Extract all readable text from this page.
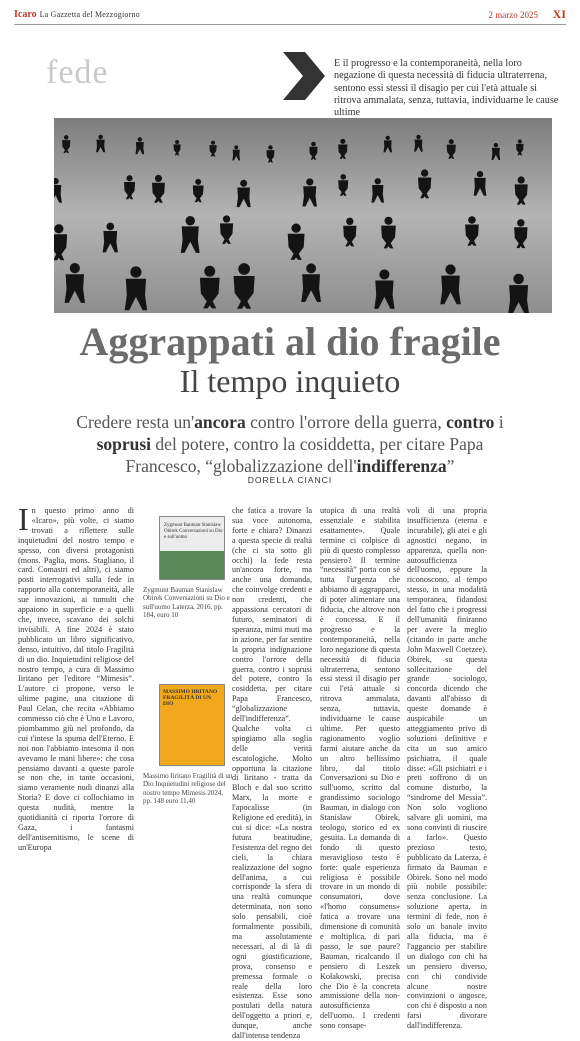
Icaro La Gazzetta del Mezzogiorno	2 marzo 2025 XI
fede	E il progresso e la contemporaneità, nella loro negazione di questa necessità di fiducia ultraterrena, sentono essi stessi il disagio per cui l'età attuale si ritrova ammalata, senza, tuttavia, individuarne le cause ultime
Aggrappati al dio fragile
Il tempo inquieto
Credere resta un'ancora contro l'orrore della guerra, contro i soprusi del potere, contro la cosiddetta, per citare Papa Francesco, “globalizzazione dell'indifferenza”
DORELLA CIANCI
I n questo primo anno di «Icaro», più volte, ci siamo trovati a riflettere sulle inquietudini del nostro tempo e spesso, con diversi protagonisti (mons. Paglia, mons. Stagliano, il card. Comastri ed altri), ci siamo posti interrogativi sulla fede in rapporto alla contemporaneità, alle sue innovazioni, ai tumulti che appaiono in superficie e a quelli che, invece, scavano dei solchi invisibili. A fine 2024 è stato pubblicato un libro significativo, denso, intuitivo, dal titolo Fragilità di un dio. Inquietudini religiose del nostro tempo, a cura di Massimo Iiritano per l'editore “Mimesis”. L'autore ci propone, verso le ultime pagine, una citazione di Paul Celan, che recita «Abbiamo commesso ciò che è Uno e Lavoro, piombammo giù nel profondo, da cui t'intese la spuma dell'Eterno. E noi non l'abbiamo intesoma il non avevamo le mani libere»: che cosa pensiamo davanti a queste parole se non che, in tante occasioni, siamo veramente nudi dinanzi alla Storia? E dove ci collochiamo in questa nudità, mentre la quotidianità ci riporta l'orrore di Gaza, i fantasmi dell'antisemitismo, le scene di un'Europa

Zygmunt Bauman Stanislaw Obirek Conversazioni su Dio e sull'uomo
Zygmunt Bauman Stanislaw Obirek Conversazioni su Dio e sull'uomo Laterza, 2016, pp. 184, euro 10
MASSIMO IIRITANO FRAGILITÀ DI UN DIO
Massimo Iiritano Fragilità di un Dio Inquietudini religiose del nostro tempo Mimesis 2024, pp. 148 euro 11,40

che fatica a trovare la sua voce autonoma, forte e chiara? Dinanzi a questa specie di realtà (che ci sta sotto gli occhi) la fede resta un'ancora forte, ma anche una domanda, che coinvolge credenti e non credenti, che appassiona cercatori di futuro, seminatori di speranza, mimi muti ma in azione, per far sentire la propria indignazione contro l'orrore della guerra, contro i soprusi del potere, contro la cosiddetta, per citare Papa Francesco, “globalizzazione dell'indifferenza”. Qualche volta ci spingiamo alla soglia delle verità escatologiche. Molto opportuna la citazione di Iiritano - tratta da Bloch e dal suo scritto Marx, la morte e l'apocalisse (in Religione ed eredità), in cui si dice: «La nostra futura beatitudine, l'esistenza del regno dei cieli, la chiara realizzazione del sogno dell'anima, a cui corrisponde la sfera di una realtà comunque determinata, non sono solo pensabili, cioè formalmente possibili, ma assolutamente necessari, al di là di ogni giustificazione, prova, consenso e premessa formale o reale della loro esistenza. Esse sono postulati della natura dell'oggetto a priori e, dunque, anche dall'intensa tendenza

utopica di una realtà essenziale e stabilita esattamente». Quale termine ci colpisce di più di questo complesso pensiero? Il termine “necessità” porta con sé tutta l'urgenza che abbiamo di aggrapparci, di poter alimentare una fiducia, che altrove non è concessa. E il progresso e la contemporaneità, nella loro negazione di questa necessità di fiducia ultraterrena, sentono essi stessi il disagio per cui l'età attuale si ritrova ammalata, senza, tuttavia, individuarne le cause ultime. Per questo ragionamento voglio farmi aiutare anche da un altro bellissimo libro, dal titolo Conversazioni su Dio e sull'uomo, scritto dal grandissimo sociologo Bauman, in dialogo con Stanislaw Obirek, teologo, storico ed ex gesuita. La domanda di fondo di questo meraviglioso testo è forte: quale esperienza religiosa è possibile trovare in un mondo di consumatori, dove «l'homo consumens» fatica a trovare una dimensione di comunità e moltiplica, di pari passo, le sue paure? Bauman, ricalcando il pensiero di Leszek Kołakowski, precisa che Dio è la concreta ammissione della non-autosufficienza dell'uomo. I credenti sono consape-

voli di una propria insufficienza (eterna e incurabile), gli atei e gli agnostici negano, in apparenza, quella non-autosufficienza dell'uomo, eppure la riconoscono, al tempo stesso, in una modalità temporanea, fidandosi del fatto che i progressi dell'umanità finiranno per avere la meglio (citando in parte anche John Maxwell Coetzee). Obirek, su questa sollecitazione del grande sociologo, concorda dicendo che davanti all'abisso di queste domande è auspicabile un atteggiamento privo di soluzioni definitive e cita un suo amico psichiatra, il quale disse: «Gli psichiatri e i preti soffrono di un comune disturbo, la “sindrome del Messia”. Non solo vogliono salvare gli uomini, ma sono convinti di riuscire a farlo». Questo prezioso testo, pubblicato da Laterza, è firmato da Bauman e Obirek. Sono nel modo più nobile possibile: senza conclusione. La soluzione aperta, in termini di fede, non è solo un banale invito alla fiducia, ma è l'aggancio per stabilire un dialogo con chi ha un pensiero diverso, con chi condivide alcune nostre convinzioni o angosce, con chi è disposto a non farsi divorare dall'indifferenza.
